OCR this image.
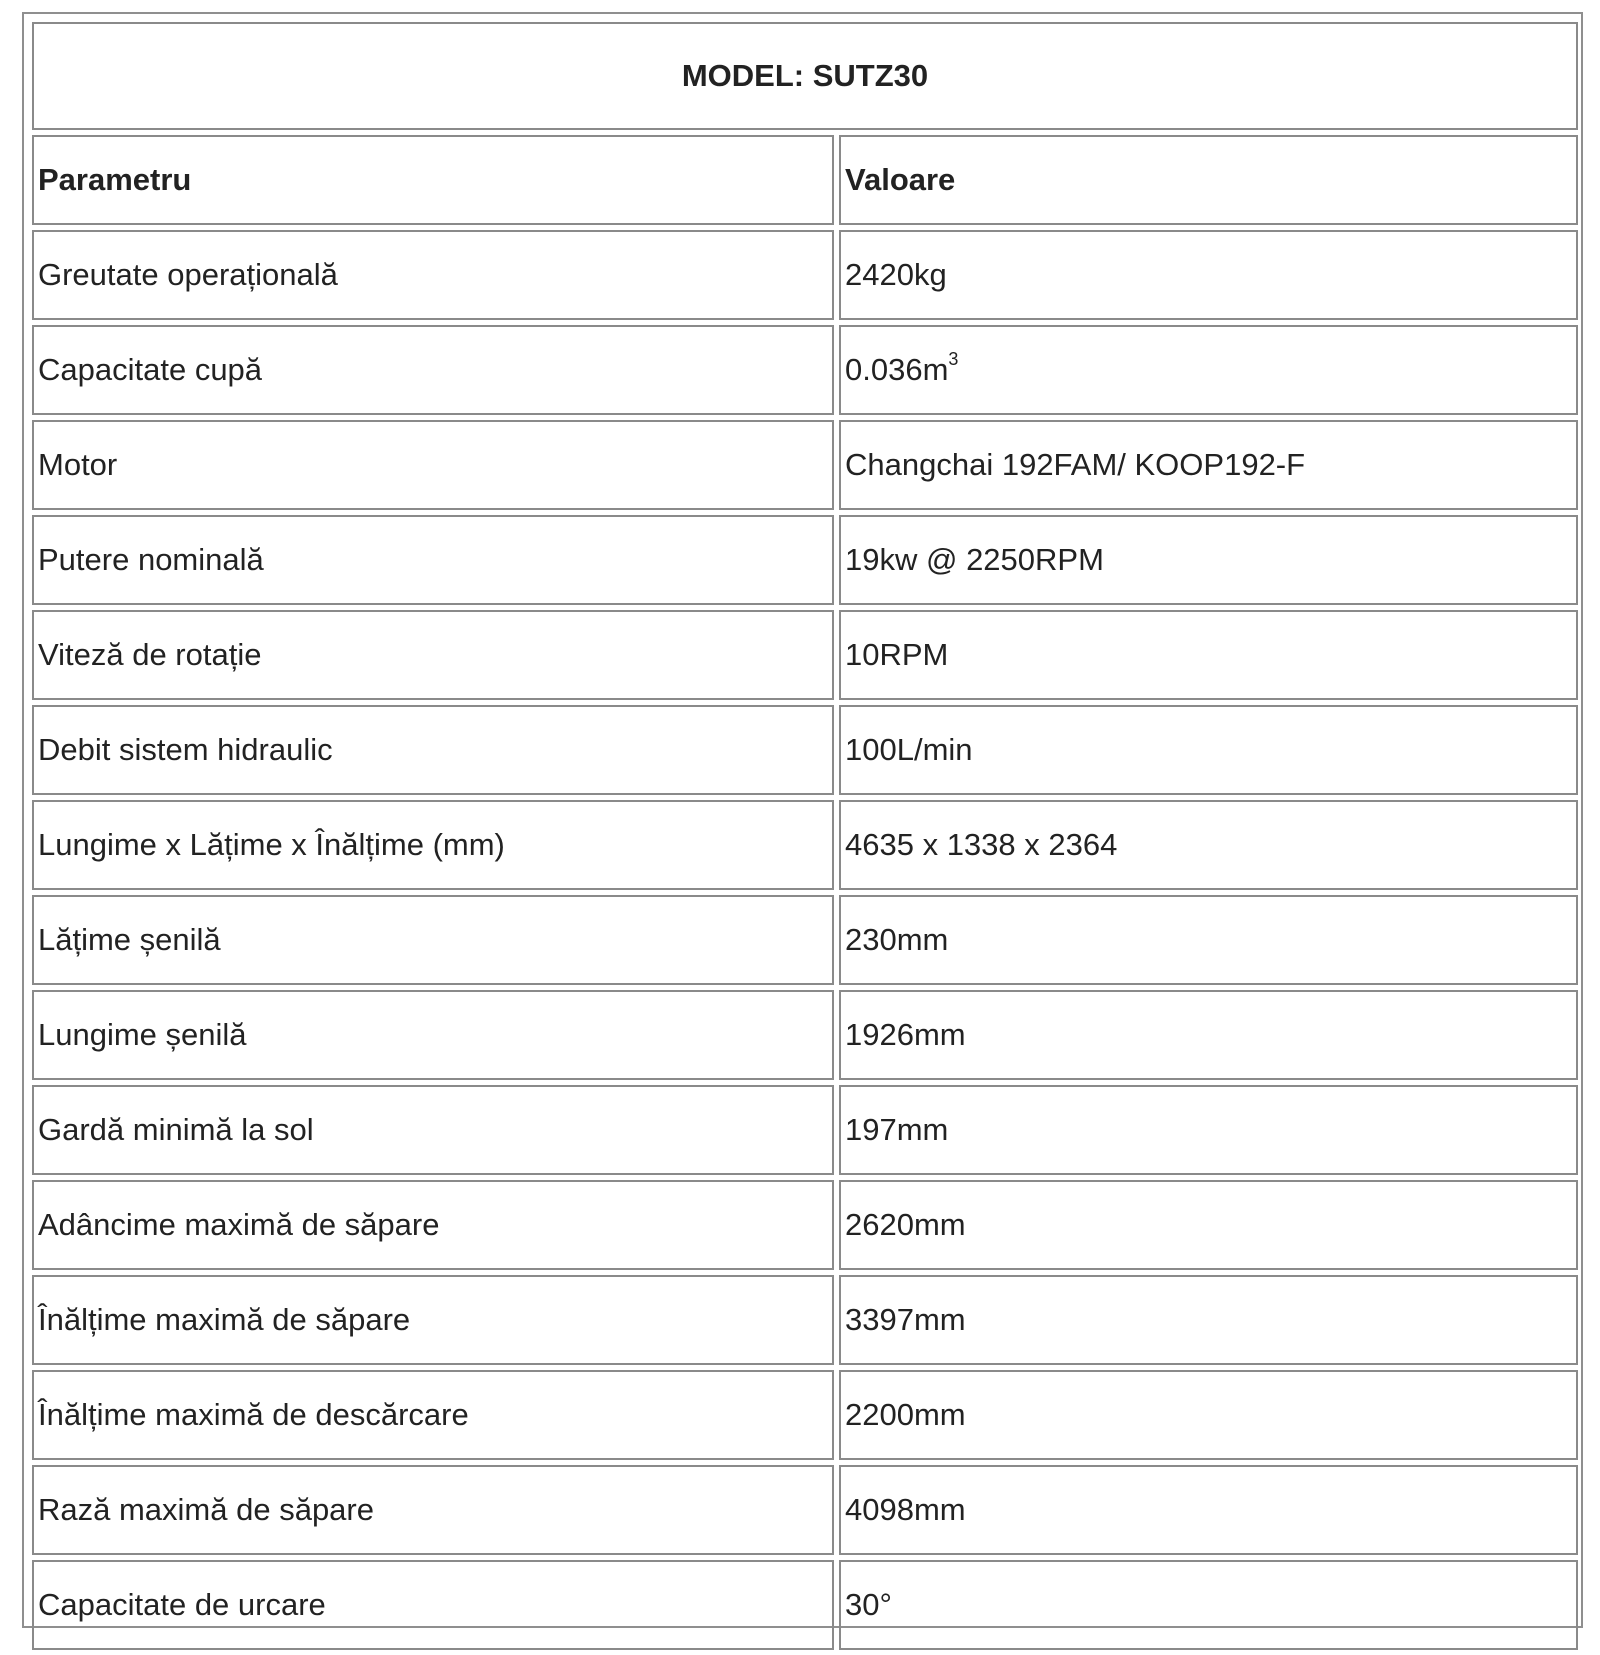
MODEL: SUTZ30	
Parametru	Valoare
Greutate operațională	2420kg
Capacitate cupă	$0.036m^3$
Motor	Changchai 192FAM/ KOOP192-F
Putere nominală	19kw @ 2250RPM
Viteză de rotație	10RPM
Debit sistem hidraulic	100L/min
Lungime x Lățime x Înălțime (mm)	4635 x 1338 x 2364
Lățime șenilă	230mm
Lungime șenilă	1926mm
Gardă minimă la sol	197mm
Adâncime maximă de săpare	2620mm
Înălțime maximă de săpare	3397mm
Înălțime maximă de descărcare	2200mm
Rază maximă de săpare	4098mm
Capacitate de urcare	30°
